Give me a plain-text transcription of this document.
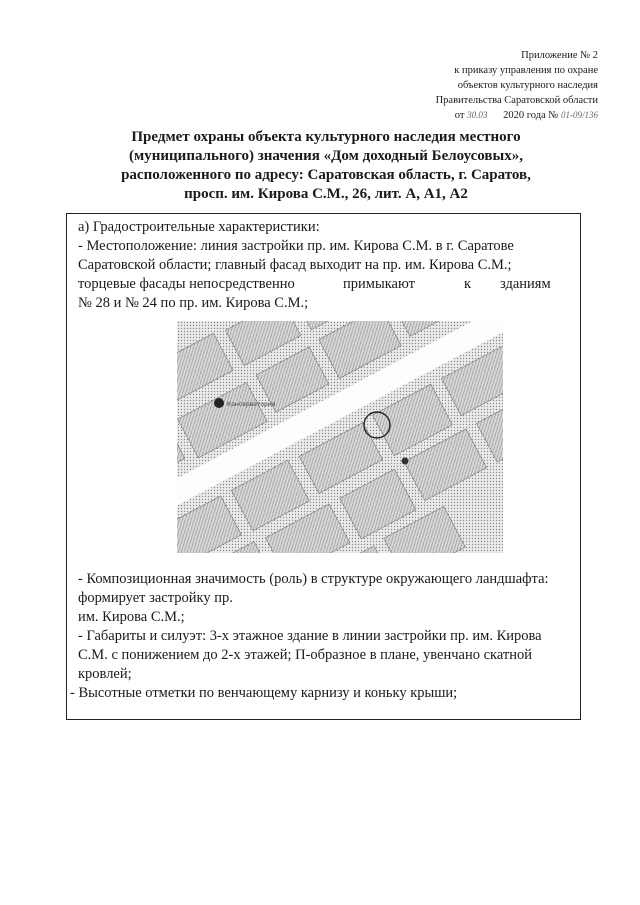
Приложение № 2
к приказу управления по охране
объектов культурного наследия
Правительства Саратовской области
от 30.03 2020 года № 01-09/136
Предмет охраны объекта культурного наследия местного
(муниципального) значения «Дом доходный Белоусовых»,
расположенного по адресу: Саратовская область, г. Саратов,
просп. им. Кирова С.М., 26, лит. А, А1, А2
а) Градостроительные характеристики:
- Местоположение: линия застройки пр. им. Кирова С.М. в г. Саратове
Саратовской области; главный фасад выходит на пр. им. Кирова С.М.;
торцевые фасады непосредственно	примыкают	к зданиям
№ 28 и № 24 по пр. им. Кирова С.М.;
Консерватория
- Композиционная значимость (роль) в структуре окружающего ландшафта:
формирует застройку пр.
им. Кирова С.М.;
- Габариты и силуэт: 3-х этажное здание в линии застройки пр. им. Кирова
С.М. с понижением до 2-х этажей; П-образное в плане, увенчано скатной
кровлей;
- Высотные отметки по венчающему карнизу и коньку крыши;
